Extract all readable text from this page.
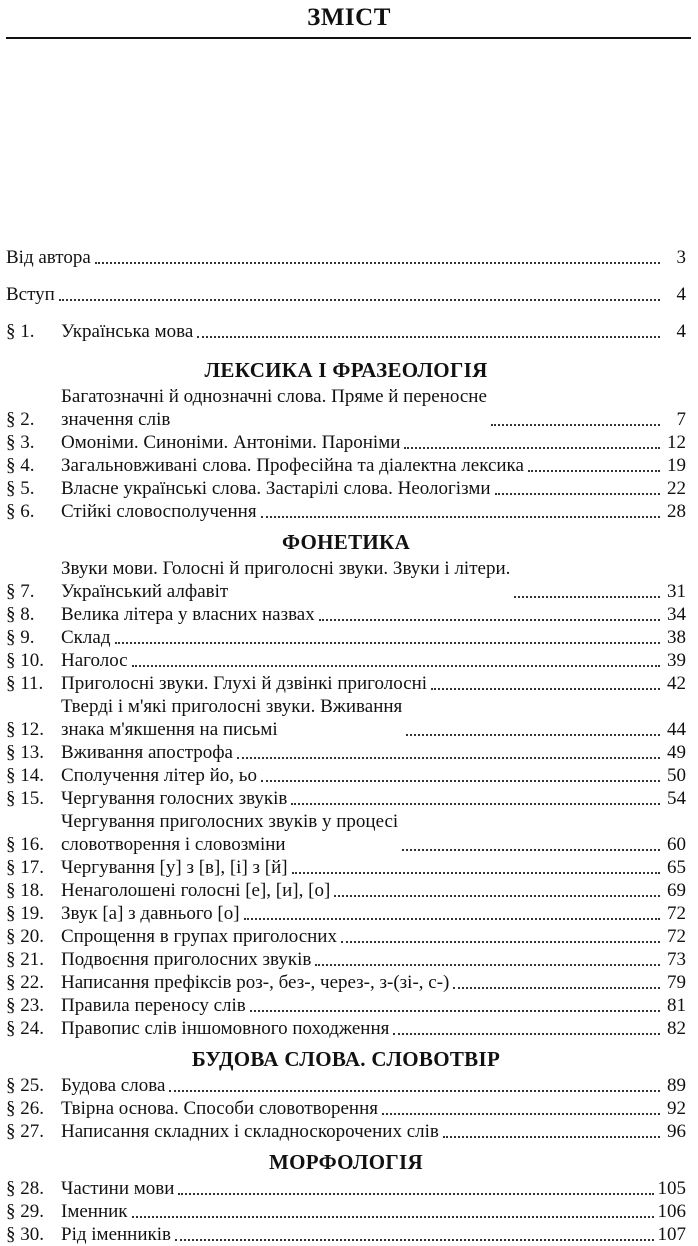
ЗМІСТ
Від автора	3
Вступ	4
§ 1.	Українська мова	4
ЛЕКСИКА І ФРАЗЕОЛОГІЯ
§ 2.
Багатозначні й однозначні слова. Пряме й переносне
значення слів	7
§ 3.	Омоніми. Синоніми. Антоніми. Пароніми	12
§ 4.	Загальновживані слова. Професійна та діалектна лексика	19
§ 5.	Власне українські слова. Застарілі слова. Неологізми	22
§ 6.	Стійкі словосполучення	28
ФОНЕТИКА
§ 7.
Звуки мови. Голосні й приголосні звуки. Звуки і літери.
Український алфавіт	31
§ 8.	Велика літера у власних назвах	34
§ 9.	Склад	38
§ 10. Наголос	39
§ 11. Приголосні звуки. Глухі й дзвінкі приголосні	42
§ 12.
Тверді і м'які приголосні звуки. Вживання
знака м'якшення на письмі	44
§ 13. Вживання апострофа	49
§ 14. Сполучення літер йо, ьо	50
§ 15. Чергування голосних звуків	54
§ 16.
Чергування приголосних звуків у процесі
словотворення і словозміни	60
§ 17. Чергування [у] з [в], [і] з [й]	65
§ 18. Ненаголошені голосні [е], [и], [о]	69
§ 19. Звук [а] з давнього [о]	72
§ 20. Спрощення в групах приголосних	72
§ 21. Подвоєння приголосних звуків	73
§ 22. Написання префіксів роз-, без-, через-, з-(зі-, с-)	79
§ 23. Правила переносу слів	81
§ 24. Правопис слів іншомовного походження	82
БУДОВА СЛОВА. СЛОВОТВІР
§ 25. Будова слова	89
§ 26. Твірна основа. Способи словотворення	92
§ 27. Написання складних і складноскорочених слів	96
МОРФОЛОГІЯ
§ 28. Частини мови	105
§ 29. Іменник	106
§ 30. Рід іменників	107
